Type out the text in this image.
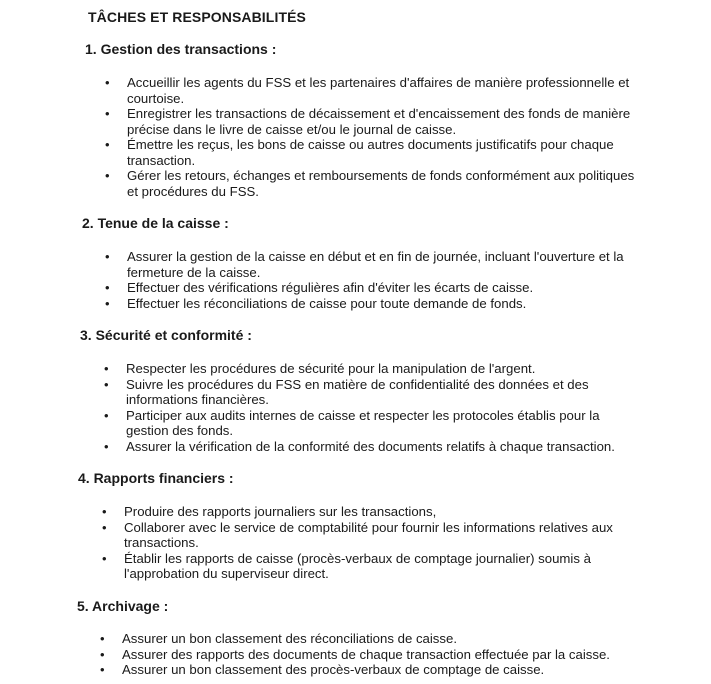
TÂCHES ET RESPONSABILITÉS
1. Gestion des transactions :
• Accueillir les agents du FSS et les partenaires d'affaires de manière professionnelle et courtoise.
• Enregistrer les transactions de décaissement et d'encaissement des fonds de manière précise dans le livre de caisse et/ou le journal de caisse.
• Émettre les reçus, les bons de caisse ou autres documents justificatifs pour chaque transaction.
• Gérer les retours, échanges et remboursements de fonds conformément aux politiques et procédures du FSS.
2. Tenue de la caisse :
• Assurer la gestion de la caisse en début et en fin de journée, incluant l'ouverture et la fermeture de la caisse.
• Effectuer des vérifications régulières afin d'éviter les écarts de caisse.
• Effectuer les réconciliations de caisse pour toute demande de fonds.
3. Sécurité et conformité :
• Respecter les procédures de sécurité pour la manipulation de l'argent.
• Suivre les procédures du FSS en matière de confidentialité des données et des informations financières.
• Participer aux audits internes de caisse et respecter les protocoles établis pour la gestion des fonds.
• Assurer la vérification de la conformité des documents relatifs à chaque transaction.
4. Rapports financiers :
• Produire des rapports journaliers sur les transactions,
• Collaborer avec le service de comptabilité pour fournir les informations relatives aux transactions.
• Établir les rapports de caisse (procès-verbaux de comptage journalier) soumis à l'approbation du superviseur direct.
5. Archivage :
• Assurer un bon classement des réconciliations de caisse.
• Assurer des rapports des documents de chaque transaction effectuée par la caisse.
• Assurer un bon classement des procès-verbaux de comptage de caisse.
